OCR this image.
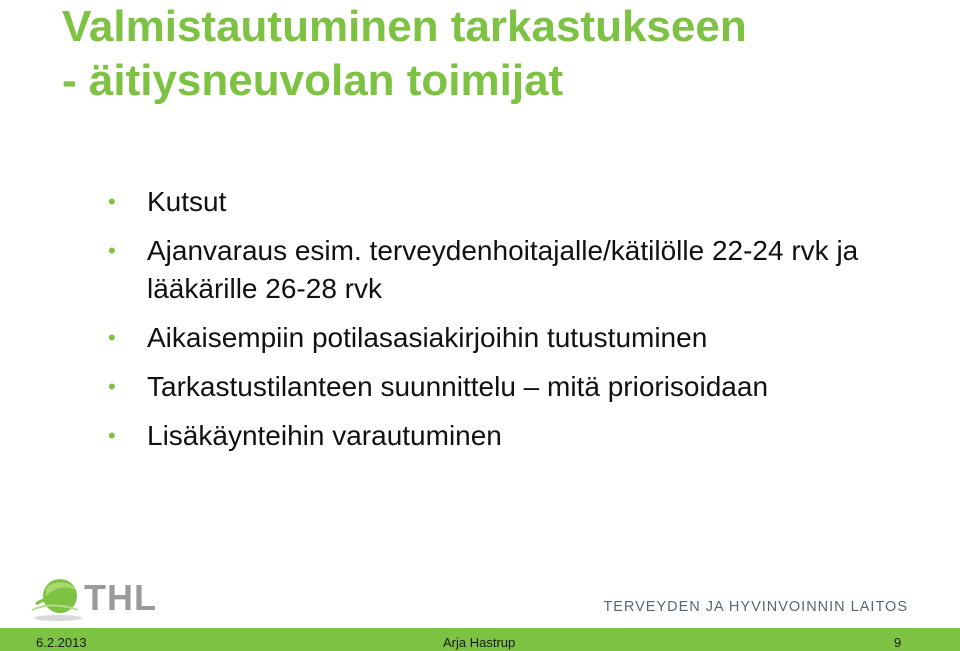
Valmistautuminen tarkastukseen
- äitiysneuvolan toimijat
• Kutsut
• Ajanvaraus esim. terveydenhoitajalle/kätilölle 22-24 rvk ja lääkärille 26-28 rvk
• Aikaisempiin potilasasiakirjoihin tutustuminen
• Tarkastustilanteen suunnittelu – mitä priorisoidaan
• Lisäkäynteihin varautuminen
THL	TERVEYDEN JA HYVINVOINNIN LAITOS
6.2.2013	Arja Hastrup	9
